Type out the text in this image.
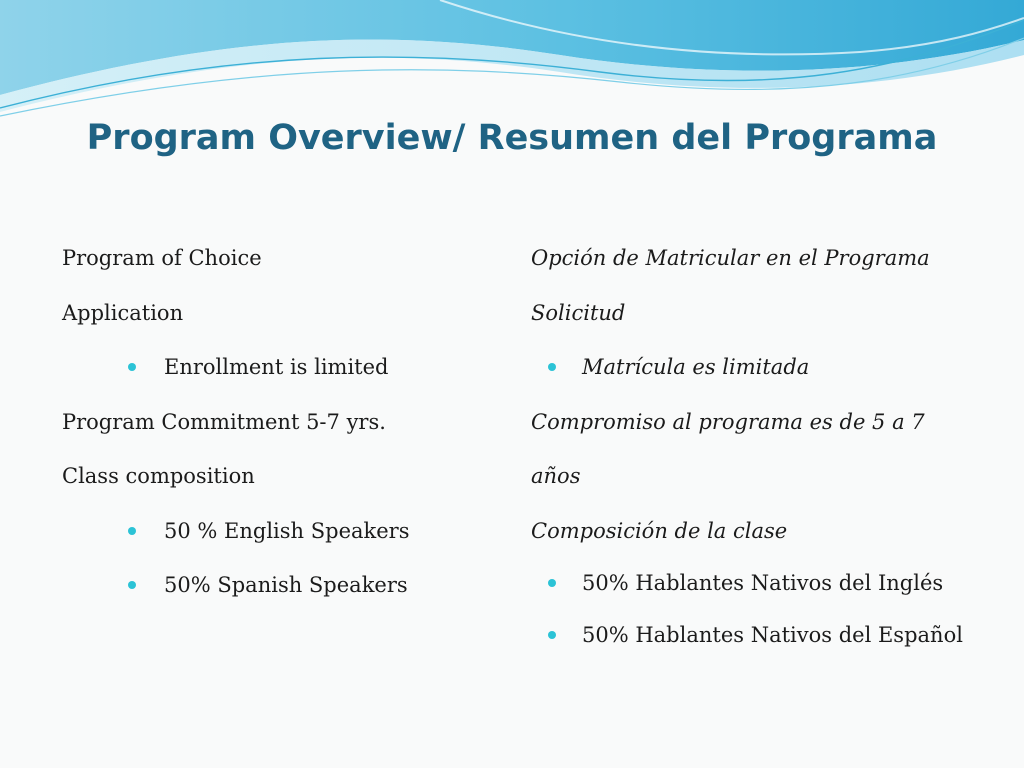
Program Overview/ Resumen del Programa
Program of Choice
Application
Enrollment is limited
Program Commitment 5-7 yrs.
Class composition
50 % English Speakers
50% Spanish Speakers
Opción de Matricular en el Programa
Solicitud
Matrícula es limitada
Compromiso al programa es de 5 a 7
años
Composición de la clase
50% Hablantes Nativos del Inglés
50% Hablantes Nativos del Español
